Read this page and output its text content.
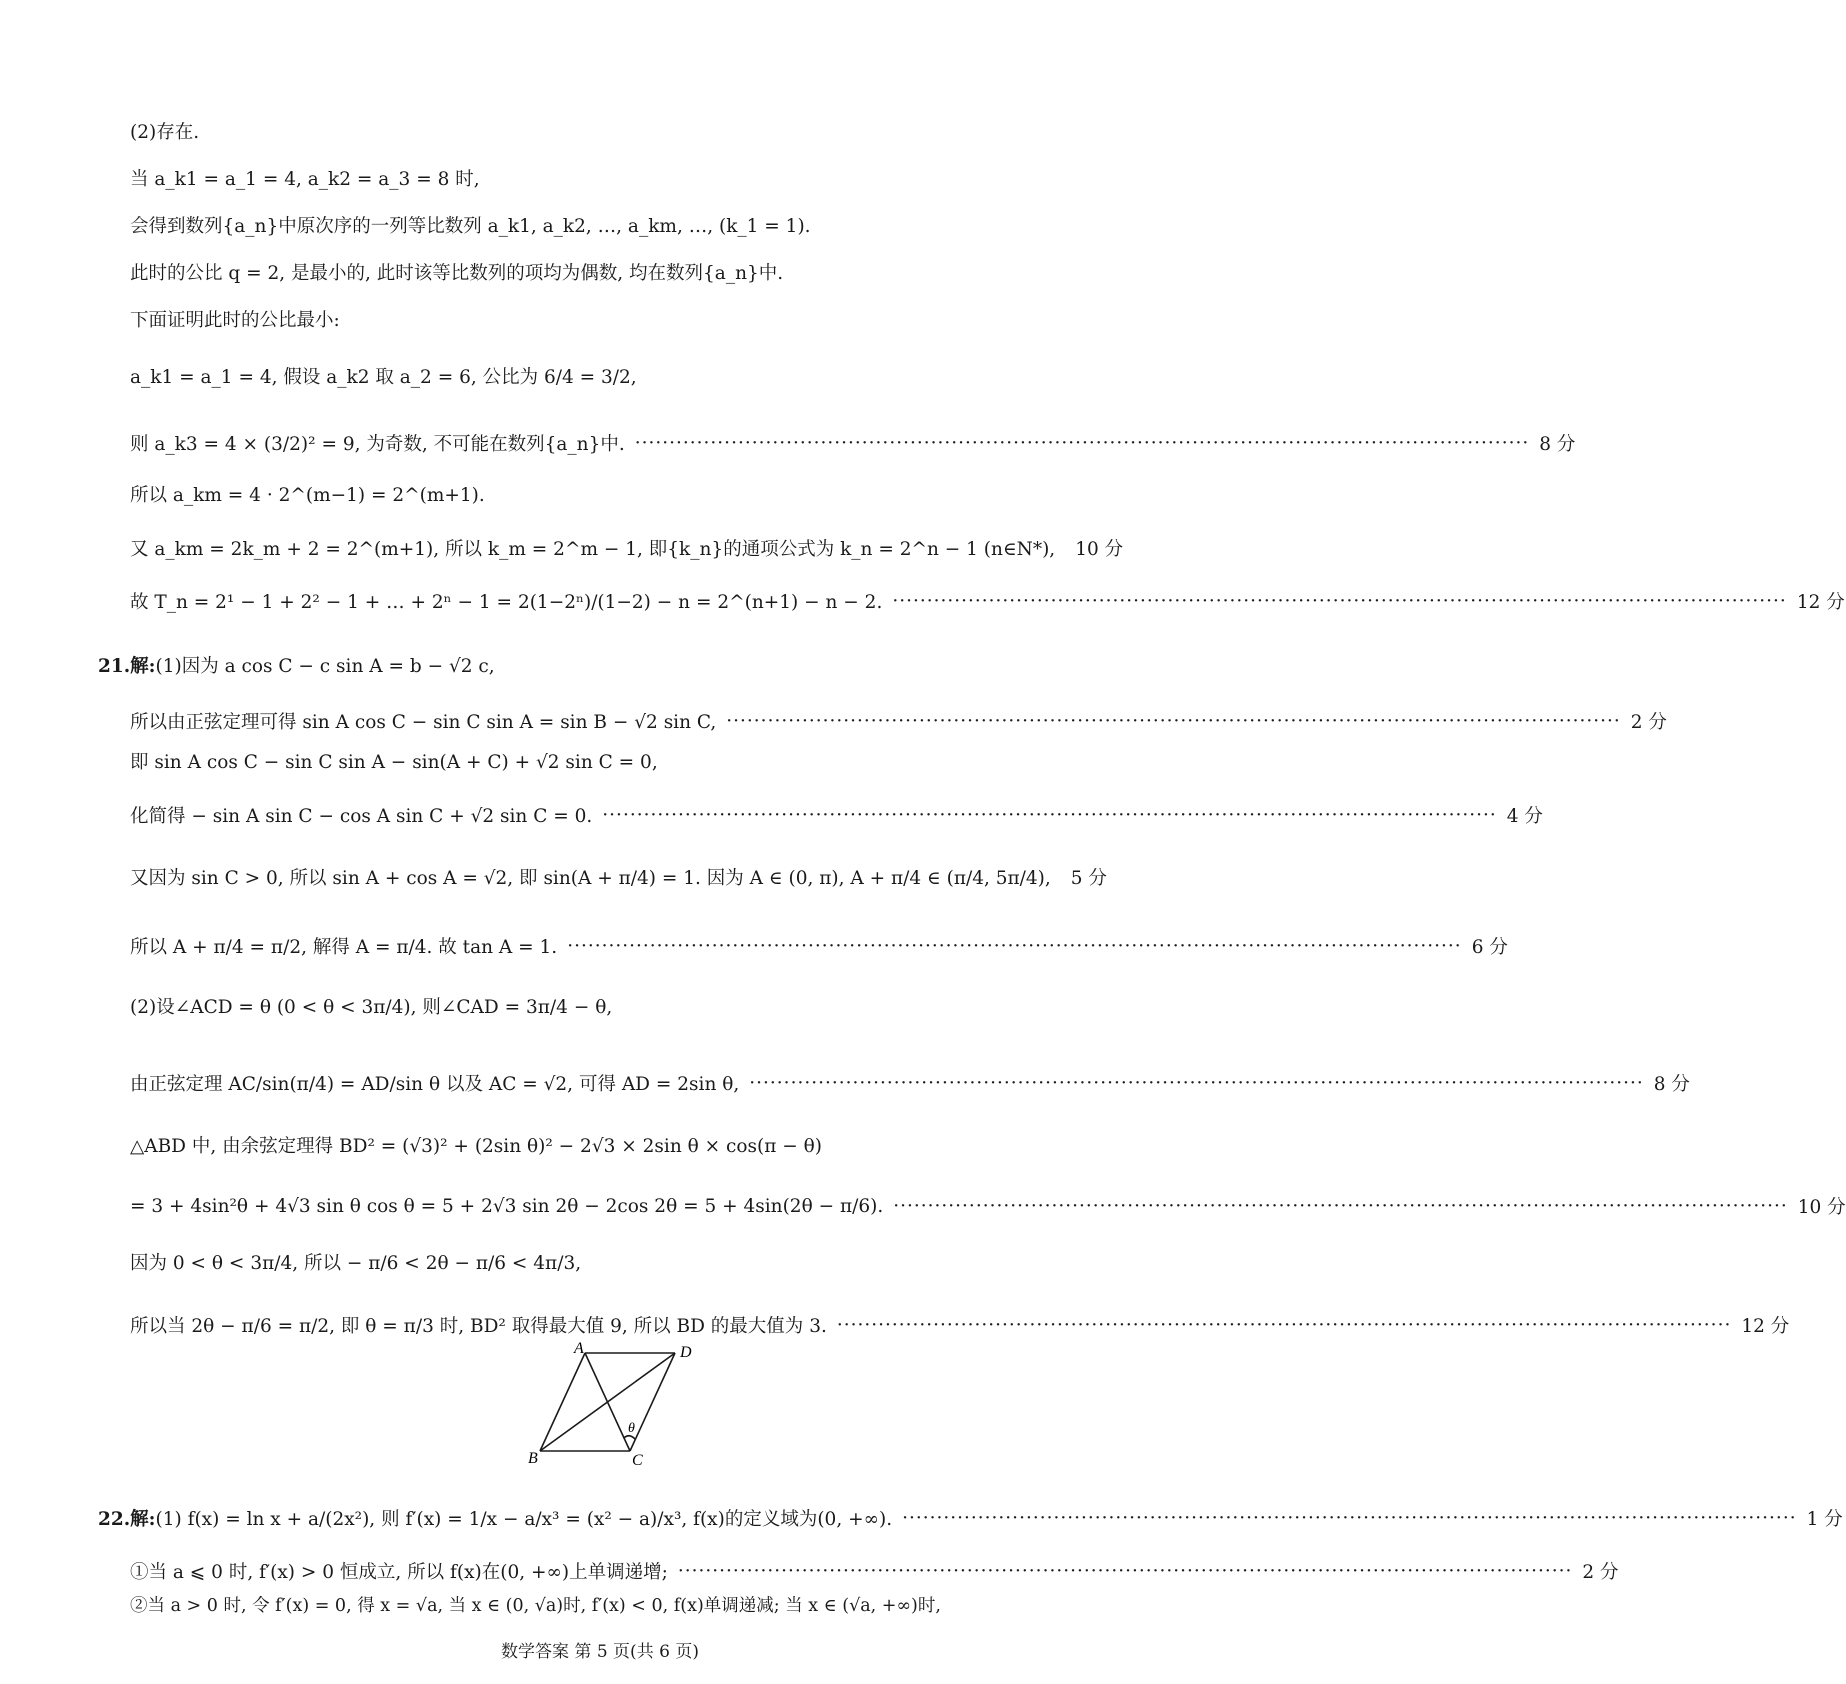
(2)存在.
当 a_k1 = a_1 = 4, a_k2 = a_3 = 8 时,
会得到数列{a_n}中原次序的一列等比数列 a_k1, a_k2, …, a_km, …, (k_1 = 1).
此时的公比 q = 2, 是最小的, 此时该等比数列的项均为偶数, 均在数列{a_n}中.
下面证明此时的公比最小:
a_k1 = a_1 = 4, 假设 a_k2 取 a_2 = 6, 公比为 6/4 = 3/2,
则 a_k3 = 4 × (3/2)² = 9, 为奇数, 不可能在数列{a_n}中. ·································································································································· 8 分
所以 a_km = 4 · 2^(m−1) = 2^(m+1).
又 a_km = 2k_m + 2 = 2^(m+1), 所以 k_m = 2^m − 1, 即{k_n}的通项公式为 k_n = 2^n − 1 (n∈N*), 10 分
故 T_n = 2¹ − 1 + 2² − 1 + … + 2ⁿ − 1 = 2(1−2ⁿ)/(1−2) − n = 2^(n+1) − n − 2. ·································································································································· 12 分
21.解:(1)因为 a cos C − c sin A = b − √2 c,
所以由正弦定理可得 sin A cos C − sin C sin A = sin B − √2 sin C, ·································································································································· 2 分
即 sin A cos C − sin C sin A − sin(A + C) + √2 sin C = 0,
化简得 − sin A sin C − cos A sin C + √2 sin C = 0. ·································································································································· 4 分
又因为 sin C > 0, 所以 sin A + cos A = √2, 即 sin(A + π/4) = 1. 因为 A ∈ (0, π), A + π/4 ∈ (π/4, 5π/4), 5 分
所以 A + π/4 = π/2, 解得 A = π/4. 故 tan A = 1. ·································································································································· 6 分
(2)设∠ACD = θ (0 < θ < 3π/4), 则∠CAD = 3π/4 − θ,
由正弦定理 AC/sin(π/4) = AD/sin θ 以及 AC = √2, 可得 AD = 2sin θ, ·································································································································· 8 分
△ABD 中, 由余弦定理得 BD² = (√3)² + (2sin θ)² − 2√3 × 2sin θ × cos(π − θ)
= 3 + 4sin²θ + 4√3 sin θ cos θ = 5 + 2√3 sin 2θ − 2cos 2θ = 5 + 4sin(2θ − π/6). ·································································································································· 10 分
因为 0 < θ < 3π/4, 所以 − π/6 < 2θ − π/6 < 4π/3,
所以当 2θ − π/6 = π/2, 即 θ = π/3 时, BD² 取得最大值 9, 所以 BD 的最大值为 3. ·································································································································· 12 分
A	D
B	C
θ
22.解:(1) f(x) = ln x + a/(2x²), 则 f′(x) = 1/x − a/x³ = (x² − a)/x³, f(x)的定义域为(0, +∞). ·································································································································· 1 分
①当 a ⩽ 0 时, f′(x) > 0 恒成立, 所以 f(x)在(0, +∞)上单调递增; ·································································································································· 2 分
②当 a > 0 时, 令 f′(x) = 0, 得 x = √a, 当 x ∈ (0, √a)时, f′(x) < 0, f(x)单调递减; 当 x ∈ (√a, +∞)时,
数学答案 第 5 页(共 6 页)
